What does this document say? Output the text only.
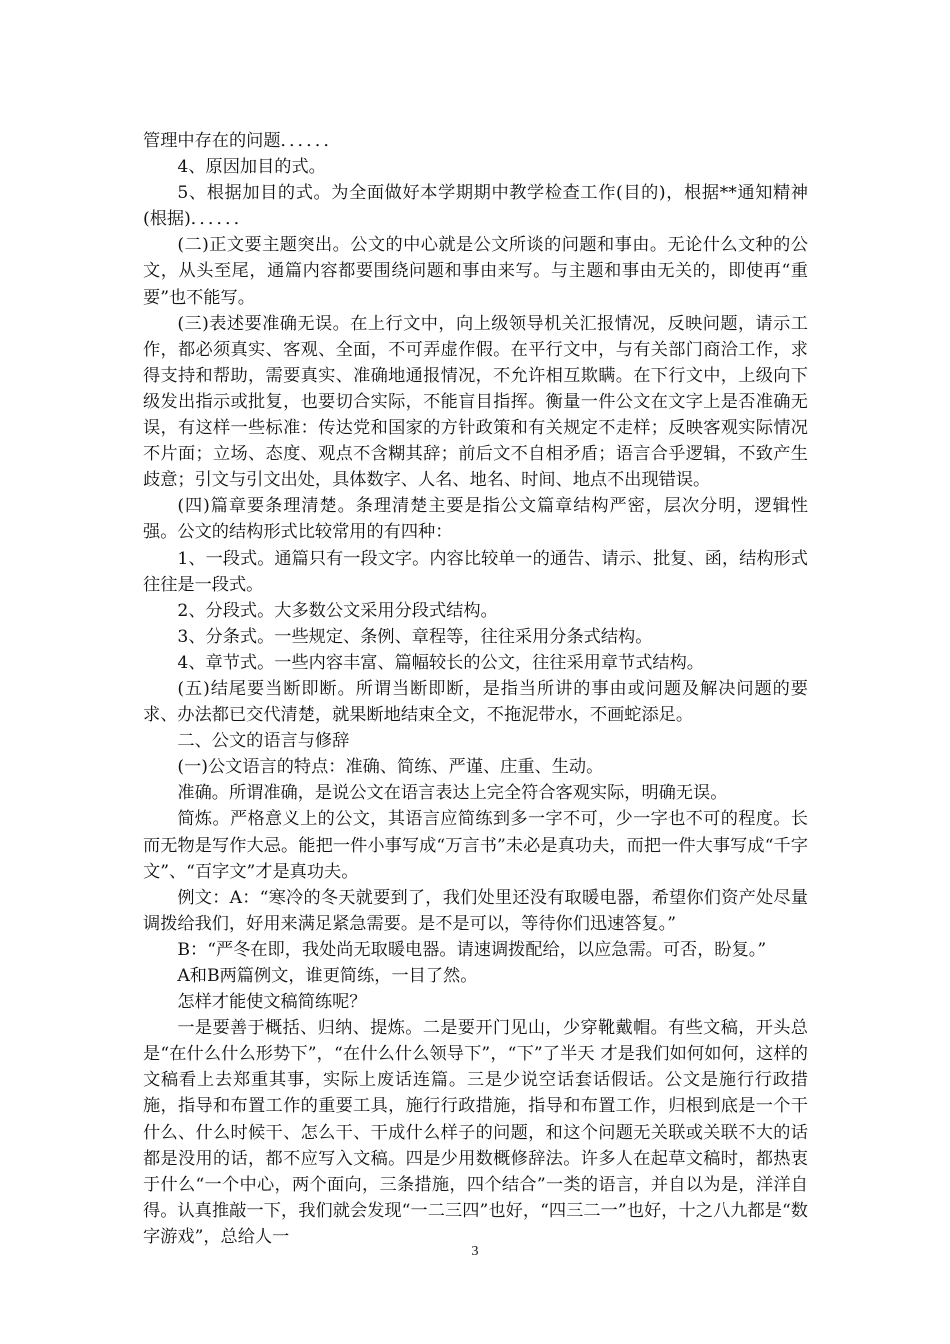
管理中存在的问题．．．．．．

4、原因加目的式。

5、根据加目的式。为全面做好本学期期中教学检查工作(目的)，根据**通知精神(根据)．．．．．．

(二)正文要主题突出。公文的中心就是公文所谈的问题和事由。无论什么文种的公文，从头至尾，通篇内容都要围绕问题和事由来写。与主题和事由无关的，即使再“重要”也不能写。

(三)表述要准确无误。在上行文中，向上级领导机关汇报情况，反映问题，请示工作，都必须真实、客观、全面，不可弄虚作假。在平行文中，与有关部门商洽工作，求得支持和帮助，需要真实、准确地通报情况，不允许相互欺瞒。在下行文中，上级向下级发出指示或批复，也要切合实际，不能盲目指挥。衡量一件公文在文字上是否准确无误，有这样一些标准：传达党和国家的方针政策和有关规定不走样；反映客观实际情况不片面；立场、态度、观点不含糊其辞；前后文不自相矛盾；语言合乎逻辑，不致产生歧意；引文与引文出处，具体数字、人名、地名、时间、地点不出现错误。

(四)篇章要条理清楚。条理清楚主要是指公文篇章结构严密，层次分明，逻辑性强。公文的结构形式比较常用的有四种：

1、一段式。通篇只有一段文字。内容比较单一的通告、请示、批复、函，结构形式往往是一段式。

2、分段式。大多数公文采用分段式结构。

3、分条式。一些规定、条例、章程等，往往采用分条式结构。

4、章节式。一些内容丰富、篇幅较长的公文，往往采用章节式结构。

(五)结尾要当断即断。所谓当断即断，是指当所讲的事由或问题及解决问题的要求、办法都已交代清楚，就果断地结束全文，不拖泥带水，不画蛇添足。

二、公文的语言与修辞

(一)公文语言的特点：准确、简练、严谨、庄重、生动。

准确。所谓准确，是说公文在语言表达上完全符合客观实际，明确无误。

简炼。严格意义上的公文，其语言应简练到多一字不可，少一字也不可的程度。长而无物是写作大忌。能把一件小事写成“万言书”未必是真功夫，而把一件大事写成“千字文”、“百字文”才是真功夫。

例文：A：“寒冷的冬天就要到了，我们处里还没有取暖电器，希望你们资产处尽量调拨给我们，好用来满足紧急需要。是不是可以，等待你们迅速答复。”

B：“严冬在即，我处尚无取暖电器。请速调拨配给，以应急需。可否，盼复。”

A和B两篇例文，谁更简练，一目了然。

怎样才能使文稿简练呢？

一是要善于概括、归纳、提炼。二是要开门见山，少穿靴戴帽。有些文稿，开头总是“在什么什么形势下”，“在什么什么领导下”，“下”了半天 才是我们如何如何，这样的文稿看上去郑重其事，实际上废话连篇。三是少说空话套话假话。公文是施行行政措施，指导和布置工作的重要工具，施行行政措施，指导和布置工作，归根到底是一个干什么、什么时候干、怎么干、干成什么样子的问题，和这个问题无关联或关联不大的话都是没用的话，都不应写入文稿。四是少用数概修辞法。许多人在起草文稿时，都热衷于什么“一个中心，两个面向，三条措施，四个结合”一类的语言，并自以为是，洋洋自得。认真推敲一下，我们就会发现“一二三四”也好，“四三二一”也好，十之八九都是“数字游戏”，总给人一

3
